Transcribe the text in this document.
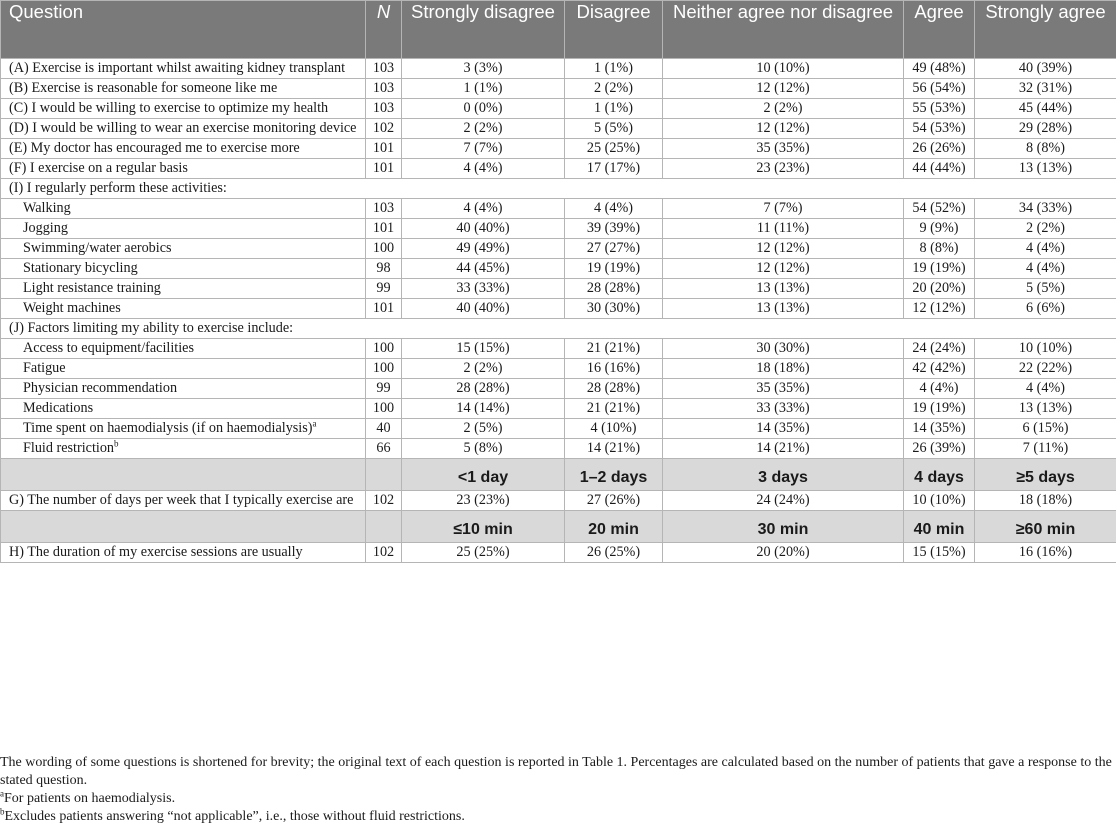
Question	N	Strongly disagree	Disagree	Neither agree nor disagree	Agree	Strongly agree
(A) Exercise is important whilst awaiting kidney transplant	103	3 (3%)	1 (1%)	10 (10%)	49 (48%)	40 (39%)
(B) Exercise is reasonable for someone like me	103	1 (1%)	2 (2%)	12 (12%)	56 (54%)	32 (31%)
(C) I would be willing to exercise to optimize my health	103	0 (0%)	1 (1%)	2 (2%)	55 (53%)	45 (44%)
(D) I would be willing to wear an exercise monitoring device	102	2 (2%)	5 (5%)	12 (12%)	54 (53%)	29 (28%)
(E) My doctor has encouraged me to exercise more	101	7 (7%)	25 (25%)	35 (35%)	26 (26%)	8 (8%)
(F) I exercise on a regular basis	101	4 (4%)	17 (17%)	23 (23%)	44 (44%)	13 (13%)
(I) I regularly perform these activities:						
Walking	103	4 (4%)	4 (4%)	7 (7%)	54 (52%)	34 (33%)
Jogging	101	40 (40%)	39 (39%)	11 (11%)	9 (9%)	2 (2%)
Swimming/water aerobics	100	49 (49%)	27 (27%)	12 (12%)	8 (8%)	4 (4%)
Stationary bicycling	98	44 (45%)	19 (19%)	12 (12%)	19 (19%)	4 (4%)
Light resistance training	99	33 (33%)	28 (28%)	13 (13%)	20 (20%)	5 (5%)
Weight machines	101	40 (40%)	30 (30%)	13 (13%)	12 (12%)	6 (6%)
(J) Factors limiting my ability to exercise include:						
Access to equipment/facilities	100	15 (15%)	21 (21%)	30 (30%)	24 (24%)	10 (10%)
Fatigue	100	2 (2%)	16 (16%)	18 (18%)	42 (42%)	22 (22%)
Physician recommendation	99	28 (28%)	28 (28%)	35 (35%)	4 (4%)	4 (4%)
Medications	100	14 (14%)	21 (21%)	33 (33%)	19 (19%)	13 (13%)
Time spent on haemodialysis (if on haemodialysis)$^a$	40	2 (5%)	4 (10%)	14 (35%)	14 (35%)	6 (15%)
Fluid restriction$^b$	66	5 (8%)	14 (21%)	14 (21%)	26 (39%)	7 (11%)
		<1 day	1–2 days	3 days	4 days	≥5 days
G) The number of days per week that I typically exercise are	102	23 (23%)	27 (26%)	24 (24%)	10 (10%)	18 (18%)
		≤10 min	20 min	30 min	40 min	≥60 min
H) The duration of my exercise sessions are usually	102	25 (25%)	26 (25%)	20 (20%)	15 (15%)	16 (16%)

The wording of some questions is shortened for brevity; the original text of each question is reported in Table 1. Percentages are calculated based on the number of patients that gave a response to the stated question.

$^a$For patients on haemodialysis.

$^b$Excludes patients answering “not applicable”, i.e., those without fluid restrictions.
